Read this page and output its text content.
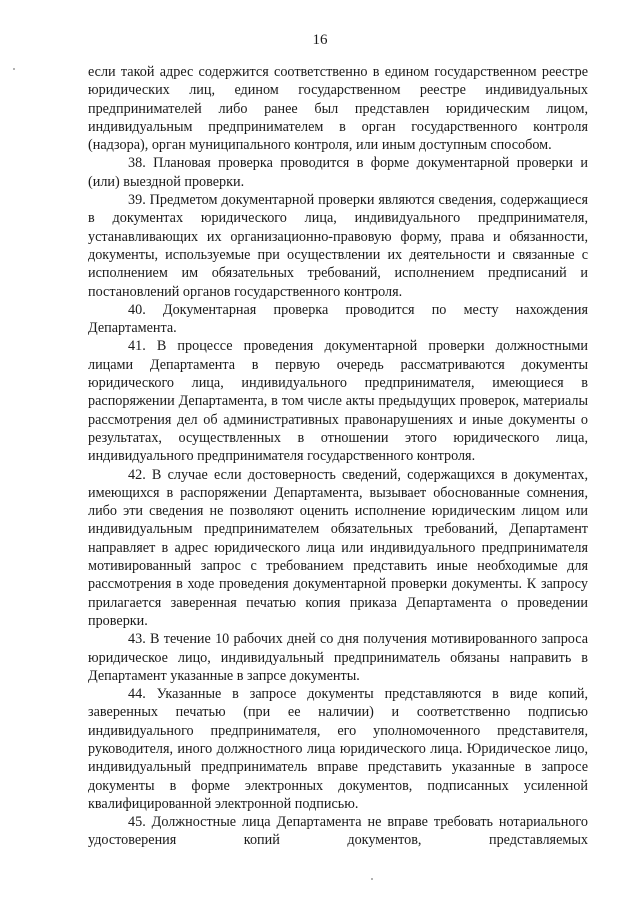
16

если такой адрес содержится соответственно в едином государственном реестре юридических лиц, едином государственном реестре индивидуальных предпринимателей либо ранее был представлен юридическим лицом, индивидуальным предпринимателем в орган государственного контроля (надзора), орган муниципального контроля, или иным доступным способом.

38. Плановая проверка проводится в форме документарной проверки и (или) выездной проверки.

39. Предметом документарной проверки являются сведения, содержащиеся в документах юридического лица, индивидуального предпринимателя, устанавливающих их организационно-правовую форму, права и обязанности, документы, используемые при осуществлении их деятельности и связанные с исполнением им обязательных требований, исполнением предписаний и постановлений органов государственного контроля.

40. Документарная проверка проводится по месту нахождения Департамента.

41. В процессе проведения документарной проверки должностными лицами Департамента в первую очередь рассматриваются документы юридического лица, индивидуального предпринимателя, имеющиеся в распоряжении Департамента, в том числе акты предыдущих проверок, материалы рассмотрения дел об административных правонарушениях и иные документы о результатах, осуществленных в отношении этого юридического лица, индивидуального предпринимателя государственного контроля.

42. В случае если достоверность сведений, содержащихся в документах, имеющихся в распоряжении Департамента, вызывает обоснованные сомнения, либо эти сведения не позволяют оценить исполнение юридическим лицом или индивидуальным предпринимателем обязательных требований, Департамент направляет в адрес юридического лица или индивидуального предпринимателя мотивированный запрос с требованием представить иные необходимые для рассмотрения в ходе проведения документарной проверки документы. К запросу прилагается заверенная печатью копия приказа Департамента о проведении проверки.

43. В течение 10 рабочих дней со дня получения мотивированного запроса юридическое лицо, индивидуальный предприниматель обязаны направить в Департамент указанные в запрсе документы.

44. Указанные в запросе документы представляются в виде копий, заверенных печатью (при ее наличии) и соответственно подписью индивидуального предпринимателя, его уполномоченного представителя, руководителя, иного должностного лица юридического лица. Юридическое лицо, индивидуальный предприниматель вправе представить указанные в запросе документы в форме электронных документов, подписанных усиленной квалифицированной электронной подписью.

45. Должностные лица Департамента не вправе требовать нотариального удостоверения копий документов, представляемых
